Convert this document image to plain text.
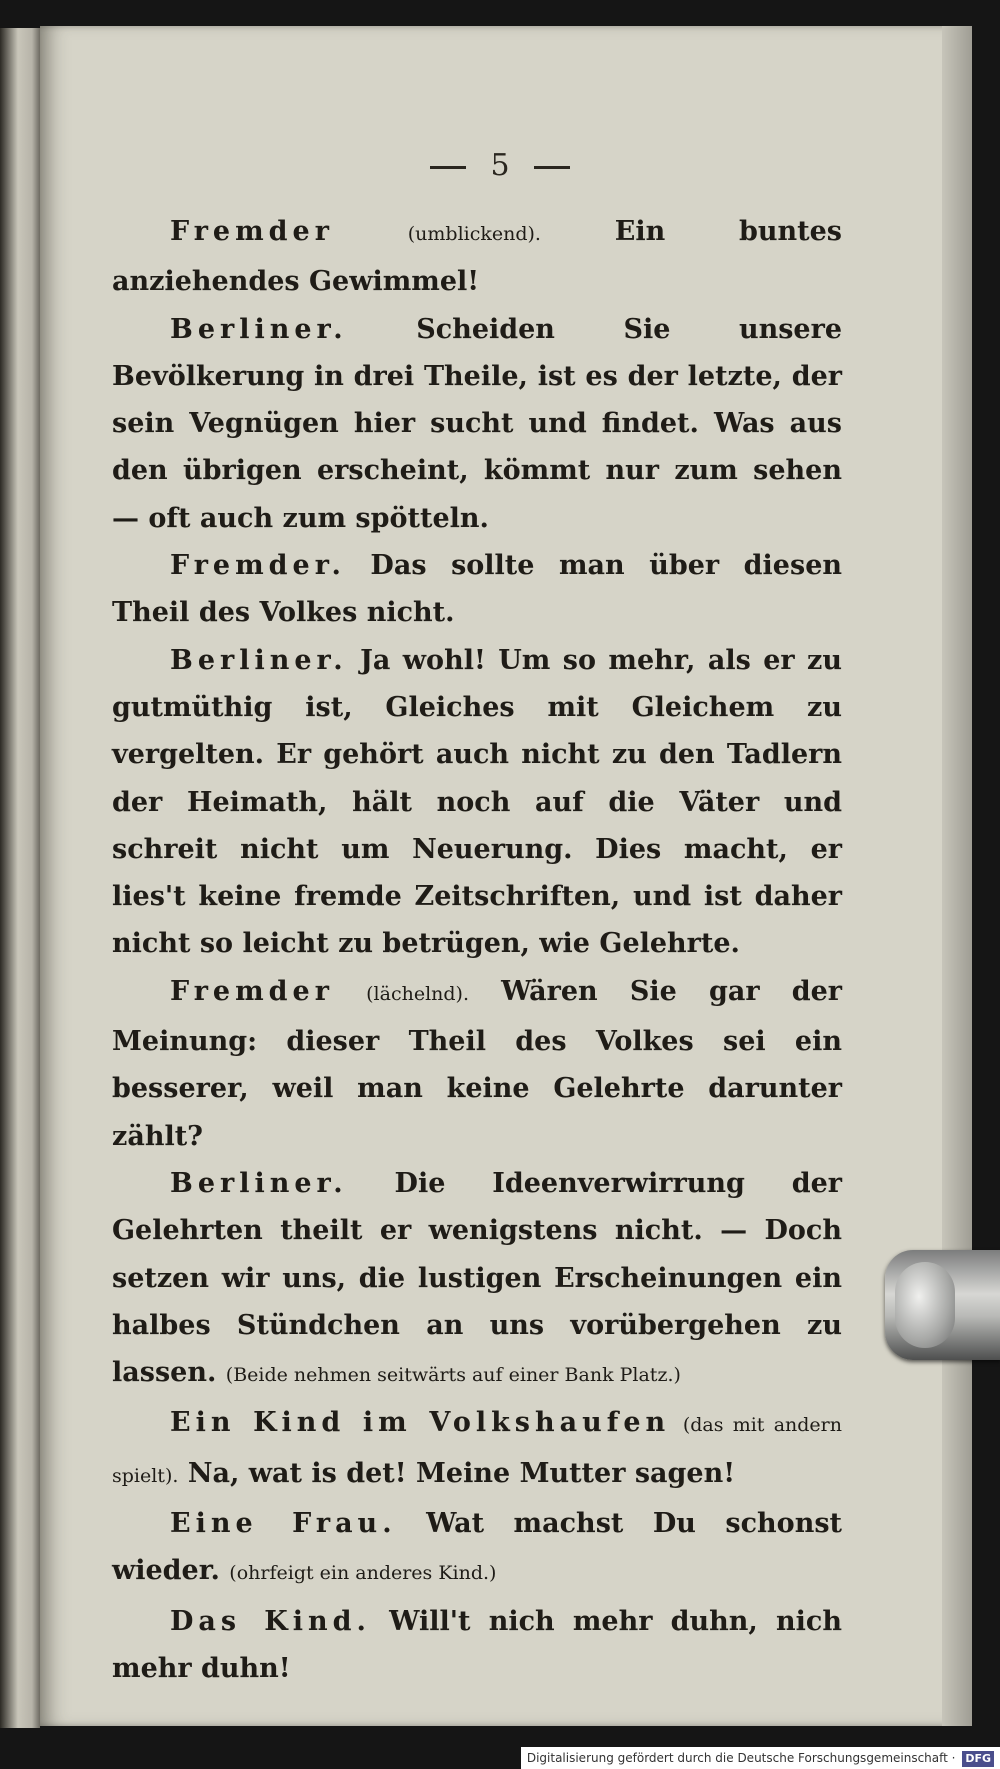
5

Fremder	(umblickend).	Ein buntes anziehendes Gewimmel!

Berliner.	Scheiden Sie unsere Bevölkerung in drei Theile, ist es der letzte, der sein Vegnügen hier sucht und findet. Was aus den übrigen erscheint, kömmt nur zum sehen — oft auch zum spötteln.

Fremder. Das sollte man über diesen Theil des Volkes nicht.

Berliner. Ja wohl! Um so mehr, als er zu gutmüthig ist, Gleiches mit Gleichem zu vergelten. Er gehört auch nicht zu den Tadlern der Heimath, hält noch auf die Väter und schreit nicht um Neuerung. Dies macht, er lies't keine fremde Zeitschriften, und ist daher nicht so leicht zu betrügen, wie Gelehrte.

Fremder (lächelnd). Wären Sie gar der Meinung: dieser Theil des Volkes sei ein besserer, weil man keine Gelehrte darunter zählt?

Berliner. Die Ideenverwirrung der Gelehrten theilt er wenigstens nicht. — Doch setzen wir uns, die lustigen Erscheinungen ein halbes Stündchen an uns vorübergehen zu lassen. (Beide nehmen seitwärts auf einer Bank Platz.)

Ein Kind im Volkshaufen (das mit andern spielt). Na, wat is det! Meine Mutter sagen!

Eine Frau. Wat machst Du schonst wieder. (ohrfeigt ein anderes Kind.)

Das Kind. Will't nich mehr duhn, nich mehr duhn!

Digitalisierung gefördert durch die Deutsche Forschungsgemeinschaft · DFG
